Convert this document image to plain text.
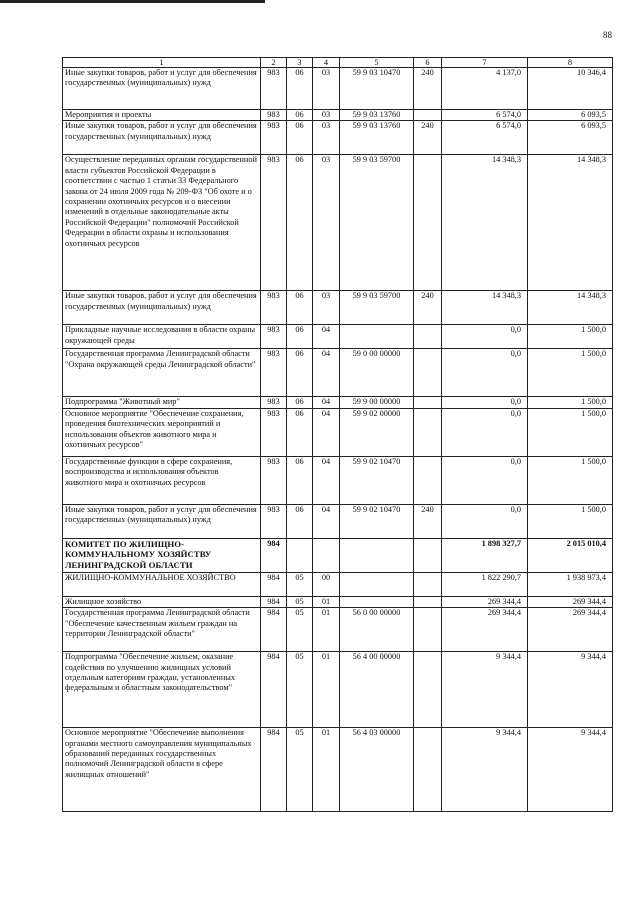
88
1	2	3	4	5	6	7	8
Иные закупки товаров, работ и услуг для обеспечения государственных (муниципальных) нужд	983	06	03	59 9 03 10470	240	4 137,0	10 346,4
Мероприятия и проекты	983	06	03	59 9 03 13760		6 574,0	6 093,5
Иные закупки товаров, работ и услуг для обеспечения государственных (муниципальных) нужд	983	06	03	59 9 03 13760	240	6 574,0	6 093,5
Осуществление переданных органам государственной власти субъектов Российской Федерации в соответствии с частью 1 статьи 33 Федерального закона от 24 июля 2009 года № 209-ФЗ "Об охоте и о сохранении охотничьих ресурсов и о внесении изменений в отдельные законодательные акты Российской Федерации" полномочий Российской Федерации в области охраны и использования охотничьих ресурсов	983	06	03	59 9 03 59700		14 348,3	14 348,3
Иные закупки товаров, работ и услуг для обеспечения государственных (муниципальных) нужд	983	06	03	59 9 03 59700	240	14 348,3	14 348,3
Прикладные научные исследования в области охраны окружающей среды	983	06	04			0,0	1 500,0
Государственная программа Ленинградской области "Охрана окружающей среды Ленинградской области"	983	06	04	59 0 00 00000		0,0	1 500,0
Подпрограмма "Животный мир"	983	06	04	59 9 00 00000		0,0	1 500,0
Основное мероприятие "Обеспечение сохранения, проведения биотехнических мероприятий и использования объектов животного мира и охотничьих ресурсов"	983	06	04	59 9 02 00000		0,0	1 500,0
Государственные функции в сфере сохранения, воспроизводства и использования объектов животного мира и охотничьих ресурсов	983	06	04	59 9 02 10470		0,0	1 500,0
Иные закупки товаров, работ и услуг для обеспечения государственных (муниципальных) нужд	983	06	04	59 9 02 10470	240	0,0	1 500,0
КОМИТЕТ ПО ЖИЛИЩНО-КОММУНАЛЬНОМУ ХОЗЯЙСТВУ ЛЕНИНГРАДСКОЙ ОБЛАСТИ	984					1 898 327,7	2 015 010,4
ЖИЛИЩНО-КОММУНАЛЬНОЕ ХОЗЯЙСТВО	984	05	00			1 822 290,7	1 938 973,4
Жилищное хозяйство	984	05	01			269 344,4	269 344,4
Государственная программа Ленинградской области "Обеспечение качественным жильем граждан на территории Ленинградской области"	984	05	01	56 0 00 00000		269 344,4	269 344,4
Подпрограмма "Обеспечение жильем, оказание содействия по улучшению жилищных условий отдельным категориям граждан, установленных федеральным и областным законодательством"	984	05	01	56 4 00 00000		9 344,4	9 344,4
Основное мероприятие "Обеспечение выполнения органами местного самоуправления муниципальных образований переданных государственных полномочий Ленинградской области в сфере жилищных отношений"	984	05	01	56 4 03 00000		9 344,4	9 344,4
